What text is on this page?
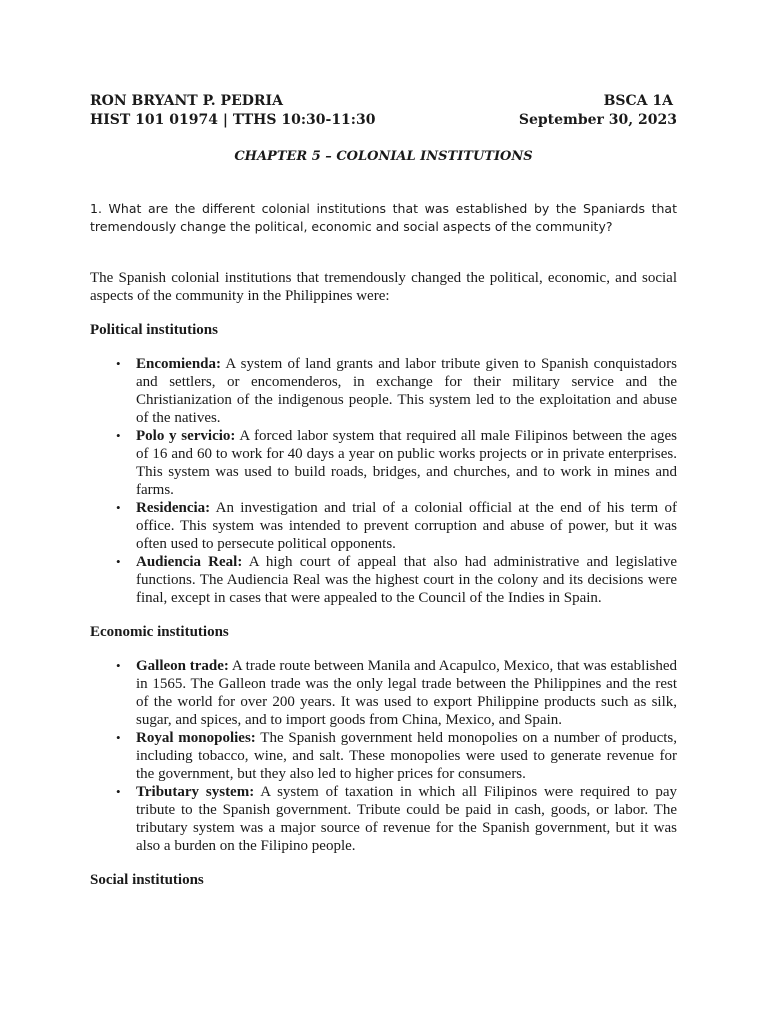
RON BRYANT P. PEDRIA	BSCA 1A
HIST 101 01974 | TTHS 10:30-11:30	September 30, 2023
CHAPTER 5 – COLONIAL INSTITUTIONS
1. What are the different colonial institutions that was established by the Spaniards that tremendously change the political, economic and social aspects of the community?
The Spanish colonial institutions that tremendously changed the political, economic, and social aspects of the community in the Philippines were:
Political institutions
• Encomienda: A system of land grants and labor tribute given to Spanish conquistadors and settlers, or encomenderos, in exchange for their military service and the Christianization of the indigenous people. This system led to the exploitation and abuse of the natives.
• Polo y servicio: A forced labor system that required all male Filipinos between the ages of 16 and 60 to work for 40 days a year on public works projects or in private enterprises. This system was used to build roads, bridges, and churches, and to work in mines and farms.
• Residencia: An investigation and trial of a colonial official at the end of his term of office. This system was intended to prevent corruption and abuse of power, but it was often used to persecute political opponents.
• Audiencia Real: A high court of appeal that also had administrative and legislative functions. The Audiencia Real was the highest court in the colony and its decisions were final, except in cases that were appealed to the Council of the Indies in Spain.
Economic institutions
• Galleon trade: A trade route between Manila and Acapulco, Mexico, that was established in 1565. The Galleon trade was the only legal trade between the Philippines and the rest of the world for over 200 years. It was used to export Philippine products such as silk, sugar, and spices, and to import goods from China, Mexico, and Spain.
• Royal monopolies: The Spanish government held monopolies on a number of products, including tobacco, wine, and salt. These monopolies were used to generate revenue for the government, but they also led to higher prices for consumers.
• Tributary system: A system of taxation in which all Filipinos were required to pay tribute to the Spanish government. Tribute could be paid in cash, goods, or labor. The tributary system was a major source of revenue for the Spanish government, but it was also a burden on the Filipino people.
Social institutions
